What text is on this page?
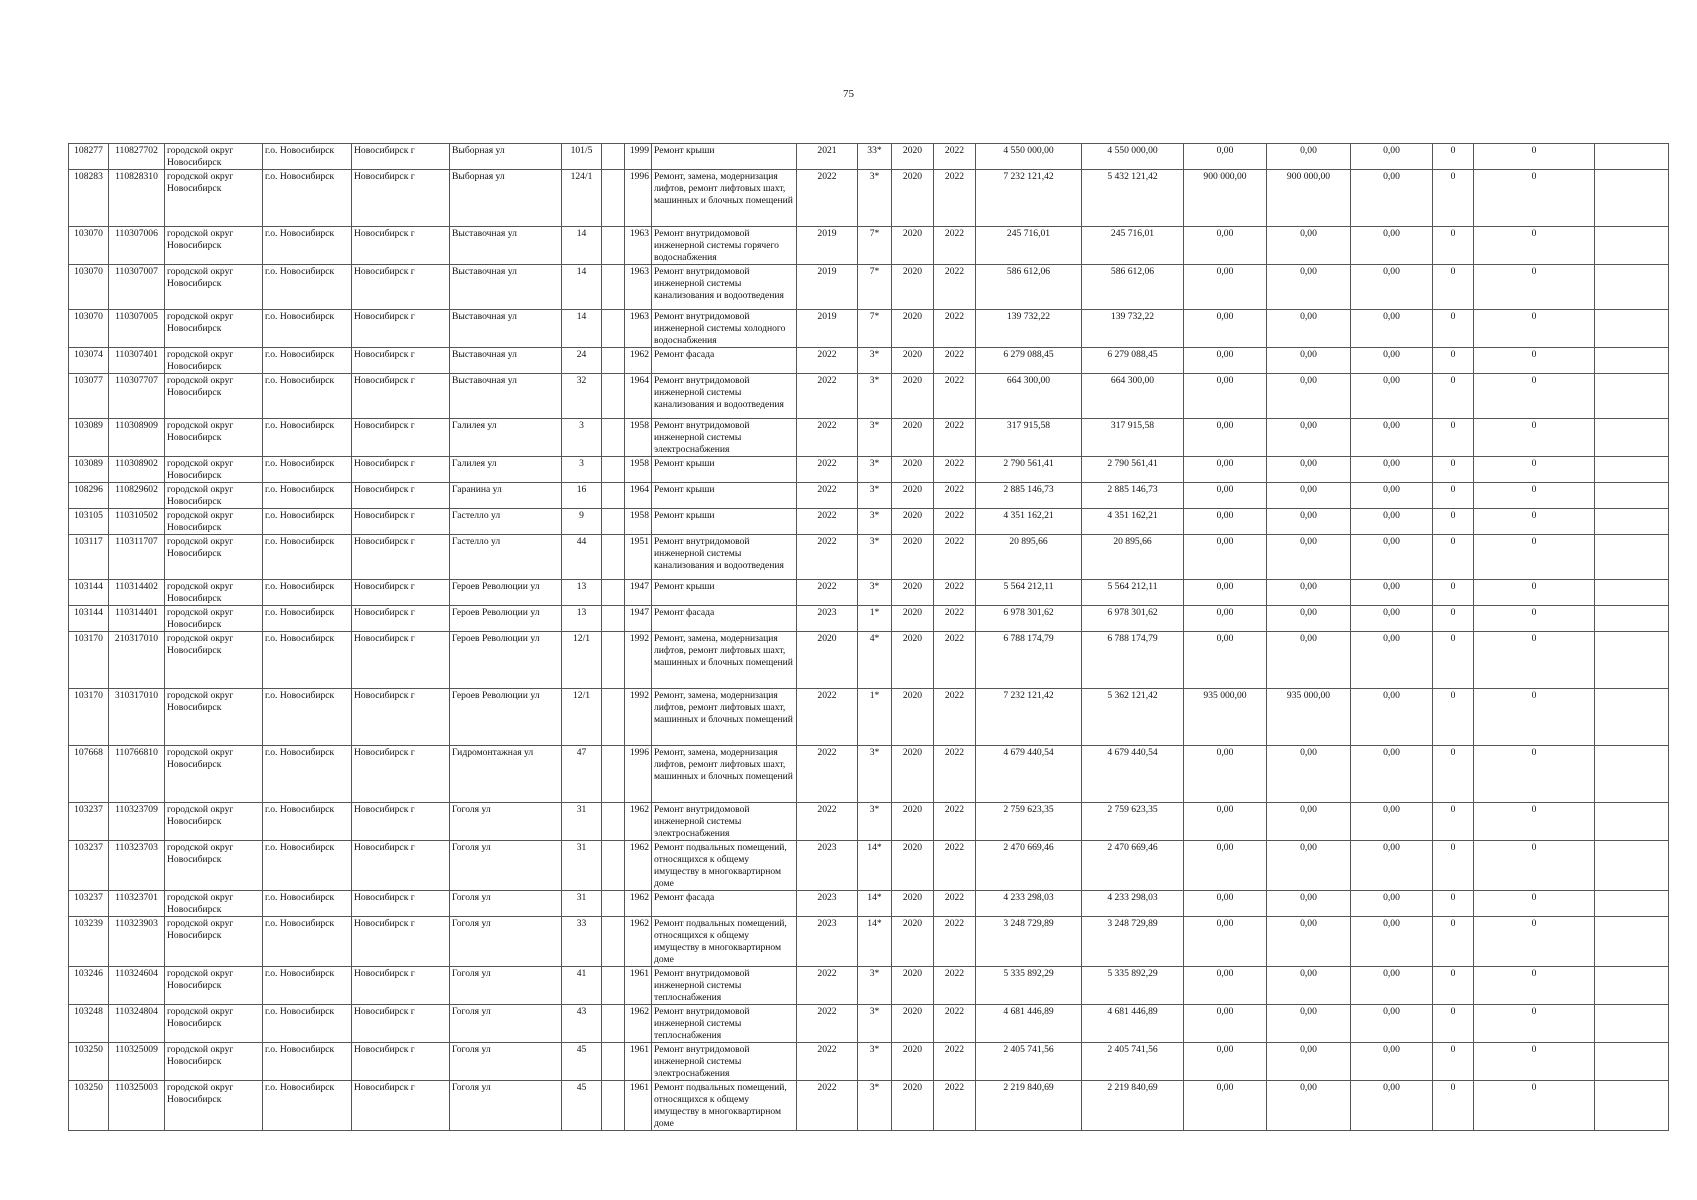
75
108277	110827702	городской округ Новосибирск	г.о. Новосибирск	Новосибирск г	Выборная ул	101/5		1999	Ремонт крыши	2021	33*	2020	2022	4 550 000,00	4 550 000,00	0,00	0,00	0,00	0	0	
108283	110828310	городской округ Новосибирск	г.о. Новосибирск	Новосибирск г	Выборная ул	124/1		1996	Ремонт, замена, модернизация лифтов, ремонт лифтовых шахт, машинных и блочных помещений	2022	3*	2020	2022	7 232 121,42	5 432 121,42	900 000,00	900 000,00	0,00	0	0	
103070	110307006	городской округ Новосибирск	г.о. Новосибирск	Новосибирск г	Выставочная ул	14		1963	Ремонт внутридомовой инженерной системы горячего водоснабжения	2019	7*	2020	2022	245 716,01	245 716,01	0,00	0,00	0,00	0	0	
103070	110307007	городской округ Новосибирск	г.о. Новосибирск	Новосибирск г	Выставочная ул	14		1963	Ремонт внутридомовой инженерной системы канализования и водоотведения	2019	7*	2020	2022	586 612,06	586 612,06	0,00	0,00	0,00	0	0	
103070	110307005	городской округ Новосибирск	г.о. Новосибирск	Новосибирск г	Выставочная ул	14		1963	Ремонт внутридомовой инженерной системы холодного водоснабжения	2019	7*	2020	2022	139 732,22	139 732,22	0,00	0,00	0,00	0	0	
103074	110307401	городской округ Новосибирск	г.о. Новосибирск	Новосибирск г	Выставочная ул	24		1962	Ремонт фасада	2022	3*	2020	2022	6 279 088,45	6 279 088,45	0,00	0,00	0,00	0	0	
103077	110307707	городской округ Новосибирск	г.о. Новосибирск	Новосибирск г	Выставочная ул	32		1964	Ремонт внутридомовой инженерной системы канализования и водоотведения	2022	3*	2020	2022	664 300,00	664 300,00	0,00	0,00	0,00	0	0	
103089	110308909	городской округ Новосибирск	г.о. Новосибирск	Новосибирск г	Галилея ул	3		1958	Ремонт внутридомовой инженерной системы электроснабжения	2022	3*	2020	2022	317 915,58	317 915,58	0,00	0,00	0,00	0	0	
103089	110308902	городской округ Новосибирск	г.о. Новосибирск	Новосибирск г	Галилея ул	3		1958	Ремонт крыши	2022	3*	2020	2022	2 790 561,41	2 790 561,41	0,00	0,00	0,00	0	0	
108296	110829602	городской округ Новосибирск	г.о. Новосибирск	Новосибирск г	Гаранина ул	16		1964	Ремонт крыши	2022	3*	2020	2022	2 885 146,73	2 885 146,73	0,00	0,00	0,00	0	0	
103105	110310502	городской округ Новосибирск	г.о. Новосибирск	Новосибирск г	Гастелло ул	9		1958	Ремонт крыши	2022	3*	2020	2022	4 351 162,21	4 351 162,21	0,00	0,00	0,00	0	0	
103117	110311707	городской округ Новосибирск	г.о. Новосибирск	Новосибирск г	Гастелло ул	44		1951	Ремонт внутридомовой инженерной системы канализования и водоотведения	2022	3*	2020	2022	20 895,66	20 895,66	0,00	0,00	0,00	0	0	
103144	110314402	городской округ Новосибирск	г.о. Новосибирск	Новосибирск г	Героев Революции ул	13		1947	Ремонт крыши	2022	3*	2020	2022	5 564 212,11	5 564 212,11	0,00	0,00	0,00	0	0	
103144	110314401	городской округ Новосибирск	г.о. Новосибирск	Новосибирск г	Героев Революции ул	13		1947	Ремонт фасада	2023	1*	2020	2022	6 978 301,62	6 978 301,62	0,00	0,00	0,00	0	0	
103170	210317010	городской округ Новосибирск	г.о. Новосибирск	Новосибирск г	Героев Революции ул	12/1		1992	Ремонт, замена, модернизация лифтов, ремонт лифтовых шахт, машинных и блочных помещений	2020	4*	2020	2022	6 788 174,79	6 788 174,79	0,00	0,00	0,00	0	0	
103170	310317010	городской округ Новосибирск	г.о. Новосибирск	Новосибирск г	Героев Революции ул	12/1		1992	Ремонт, замена, модернизация лифтов, ремонт лифтовых шахт, машинных и блочных помещений	2022	1*	2020	2022	7 232 121,42	5 362 121,42	935 000,00	935 000,00	0,00	0	0	
107668	110766810	городской округ Новосибирск	г.о. Новосибирск	Новосибирск г	Гидромонтажная ул	47		1996	Ремонт, замена, модернизация лифтов, ремонт лифтовых шахт, машинных и блочных помещений	2022	3*	2020	2022	4 679 440,54	4 679 440,54	0,00	0,00	0,00	0	0	
103237	110323709	городской округ Новосибирск	г.о. Новосибирск	Новосибирск г	Гоголя ул	31		1962	Ремонт внутридомовой инженерной системы электроснабжения	2022	3*	2020	2022	2 759 623,35	2 759 623,35	0,00	0,00	0,00	0	0	
103237	110323703	городской округ Новосибирск	г.о. Новосибирск	Новосибирск г	Гоголя ул	31		1962	Ремонт подвальных помещений, относящихся к общему имуществу в многоквартирном доме	2023	14*	2020	2022	2 470 669,46	2 470 669,46	0,00	0,00	0,00	0	0	
103237	110323701	городской округ Новосибирск	г.о. Новосибирск	Новосибирск г	Гоголя ул	31		1962	Ремонт фасада	2023	14*	2020	2022	4 233 298,03	4 233 298,03	0,00	0,00	0,00	0	0	
103239	110323903	городской округ Новосибирск	г.о. Новосибирск	Новосибирск г	Гоголя ул	33		1962	Ремонт подвальных помещений, относящихся к общему имуществу в многоквартирном доме	2023	14*	2020	2022	3 248 729,89	3 248 729,89	0,00	0,00	0,00	0	0	
103246	110324604	городской округ Новосибирск	г.о. Новосибирск	Новосибирск г	Гоголя ул	41		1961	Ремонт внутридомовой инженерной системы теплоснабжения	2022	3*	2020	2022	5 335 892,29	5 335 892,29	0,00	0,00	0,00	0	0	
103248	110324804	городской округ Новосибирск	г.о. Новосибирск	Новосибирск г	Гоголя ул	43		1962	Ремонт внутридомовой инженерной системы теплоснабжения	2022	3*	2020	2022	4 681 446,89	4 681 446,89	0,00	0,00	0,00	0	0	
103250	110325009	городской округ Новосибирск	г.о. Новосибирск	Новосибирск г	Гоголя ул	45		1961	Ремонт внутридомовой инженерной системы электроснабжения	2022	3*	2020	2022	2 405 741,56	2 405 741,56	0,00	0,00	0,00	0	0	
103250	110325003	городской округ Новосибирск	г.о. Новосибирск	Новосибирск г	Гоголя ул	45		1961	Ремонт подвальных помещений, относящихся к общему имуществу в многоквартирном доме	2022	3*	2020	2022	2 219 840,69	2 219 840,69	0,00	0,00	0,00	0	0	
